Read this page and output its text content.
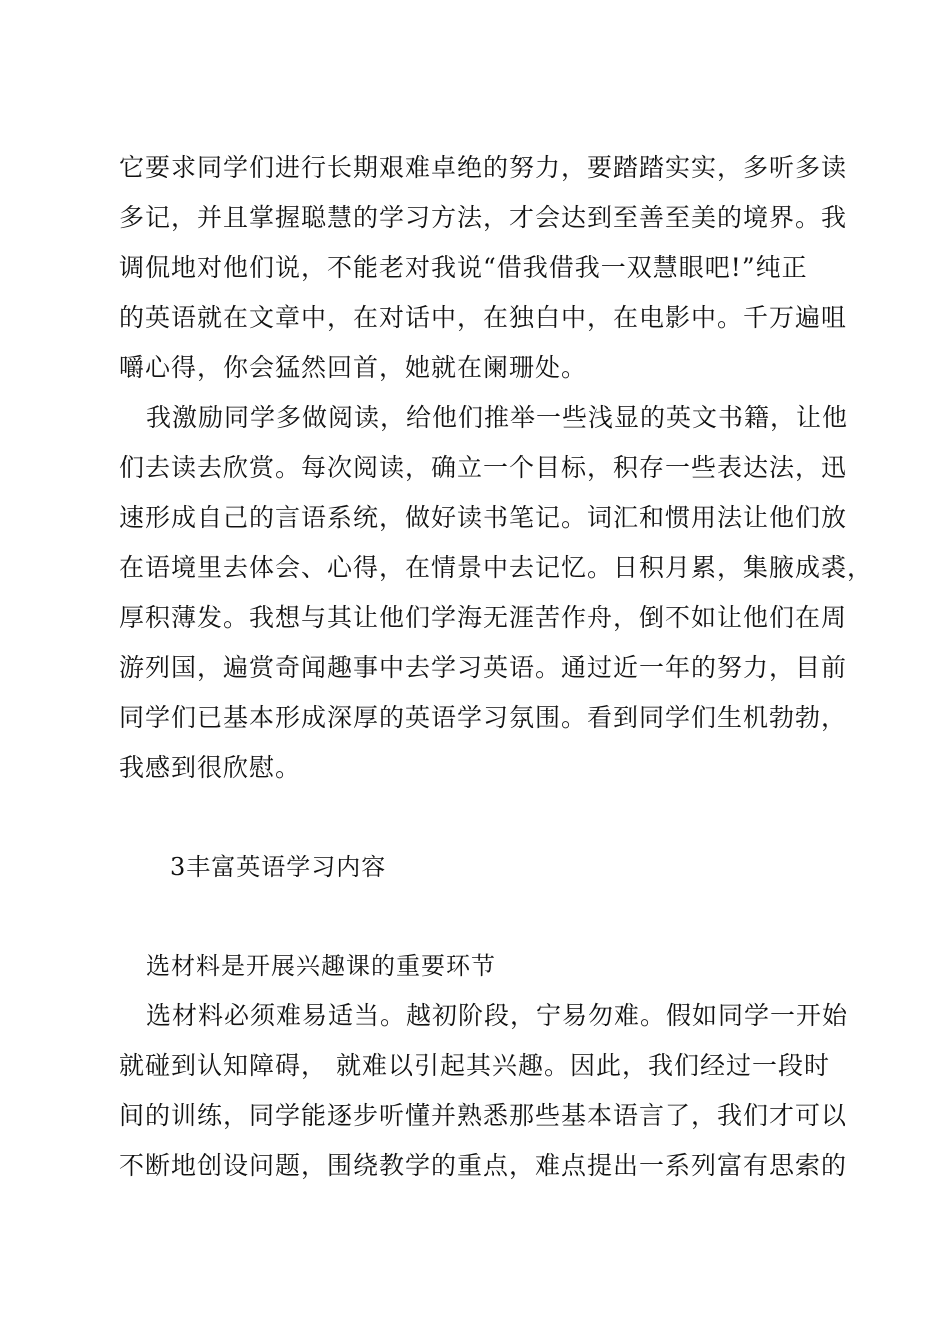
它要求同学们进行长期艰难卓绝的努力，要踏踏实实，多听多读
多记，并且掌握聪慧的学习方法，才会达到至善至美的境界。我
调侃地对他们说，不能老对我说“借我借我一双慧眼吧!”纯正
的英语就在文章中，在对话中，在独白中，在电影中。千万遍咀
嚼心得，你会猛然回首，她就在阑珊处。
我激励同学多做阅读，给他们推举一些浅显的英文书籍，让他
们去读去欣赏。每次阅读，确立一个目标，积存一些表达法，迅
速形成自己的言语系统，做好读书笔记。词汇和惯用法让他们放
在语境里去体会、心得，在情景中去记忆。日积月累，集腋成裘，
厚积薄发。我想与其让他们学海无涯苦作舟，倒不如让他们在周
游列国，遍赏奇闻趣事中去学习英语。通过近一年的努力，目前
同学们已基本形成深厚的英语学习氛围。看到同学们生机勃勃，
我感到很欣慰。
3丰富英语学习内容
选材料是开展兴趣课的重要环节
选材料必须难易适当。越初阶段，宁易勿难。假如同学一开始
就碰到认知障碍， 就难以引起其兴趣。因此，我们经过一段时
间的训练，同学能逐步听懂并熟悉那些基本语言了，我们才可以
不断地创设问题，围绕教学的重点，难点提出一系列富有思索的
